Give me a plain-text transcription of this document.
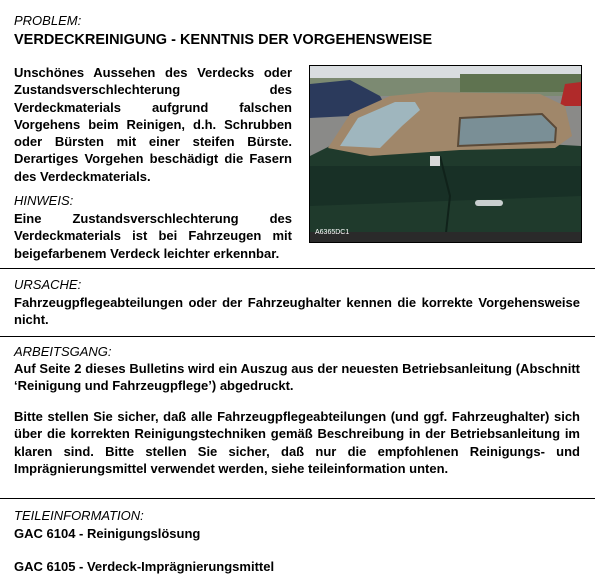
PROBLEM:
VERDECKREINIGUNG - KENNTNIS DER VORGEHENSWEISE
Unschönes Aussehen des Verdecks oder Zustandsverschlechterung des Verdeckmaterials aufgrund falschen Vorgehens beim Reinigen, d.h. Schrubben oder Bürsten mit einer steifen Bürste. Derartiges Vorgehen beschädigt die Fasern des Verdeckmaterials.
HINWEIS:
Eine Zustandsverschlechterung des Verdeckmaterials ist bei Fahrzeugen mit beigefarbenem Verdeck leichter erkennbar.
A6365DC1
URSACHE:
Fahrzeugpflegeabteilungen oder der Fahrzeughalter kennen die korrekte Vorgehensweise nicht.
ARBEITSGANG:
Auf Seite 2 dieses Bulletins wird ein Auszug aus der neuesten Betriebsanleitung (Abschnitt ‘Reinigung und Fahrzeugpflege’) abgedruckt.
Bitte stellen Sie sicher, daß alle Fahrzeugpflegeabteilungen (und ggf. Fahrzeughalter) sich über die korrekten Reinigungstechniken gemäß Beschreibung in der Betriebsanleitung im klaren sind. Bitte stellen Sie sicher, daß nur die empfohlenen Reinigungs- und Imprägnierungsmittel verwendet werden, siehe teileinformation unten.
TEILEINFORMATION:
GAC 6104 - Reinigungslösung
GAC 6105 - Verdeck-Imprägnierungsmittel
